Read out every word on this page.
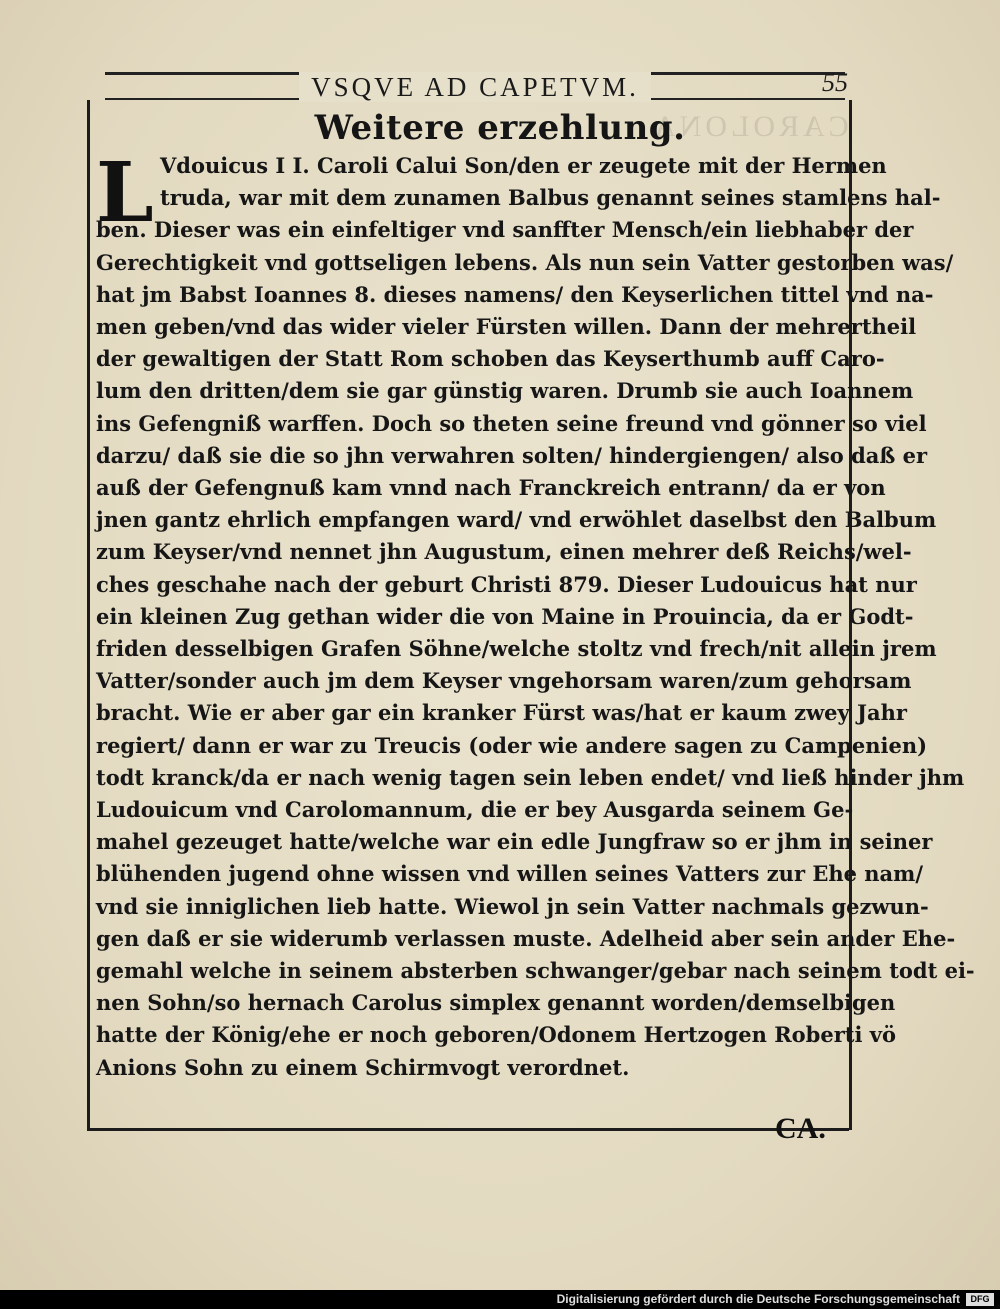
CAROLONA
VSQVE AD CAPETVM.	55
Weitere erzehlung.
L Vdouicus I I. Caroli Calui Son/den er zeugete mit der Hermen
truda, war mit dem zunamen Balbus genannt seines stamlens hal-
ben. Dieser was ein einfeltiger vnd sanffter Mensch/ein liebhaber der
Gerechtigkeit vnd gottseligen lebens. Als nun sein Vatter gestorben was/
hat jm Babst Ioannes 8. dieses namens/ den Keyserlichen tittel vnd na-
men geben/vnd das wider vieler Fürsten willen. Dann der mehrertheil
der gewaltigen der Statt Rom schoben das Keyserthumb auff Caro-
lum den dritten/dem sie gar günstig waren. Drumb sie auch Ioannem
ins Gefengniß warffen. Doch so theten seine freund vnd gönner so viel
darzu/ daß sie die so jhn verwahren solten/ hindergiengen/ also daß er
auß der Gefengnuß kam vnnd nach Franckreich entrann/ da er von
jnen gantz ehrlich empfangen ward/ vnd erwöhlet daselbst den Balbum
zum Keyser/vnd nennet jhn Augustum, einen mehrer deß Reichs/wel-
ches geschahe nach der geburt Christi 879. Dieser Ludouicus hat nur
ein kleinen Zug gethan wider die von Maine in Prouincia, da er Godt-
friden desselbigen Grafen Söhne/welche stoltz vnd frech/nit allein jrem
Vatter/sonder auch jm dem Keyser vngehorsam waren/zum gehorsam
bracht. Wie er aber gar ein kranker Fürst was/hat er kaum zwey Jahr
regiert/ dann er war zu Treucis (oder wie andere sagen zu Campenien)
todt kranck/da er nach wenig tagen sein leben endet/ vnd ließ hinder jhm
Ludouicum vnd Carolomannum, die er bey Ausgarda seinem Ge-
mahel gezeuget hatte/welche war ein edle Jungfraw so er jhm in seiner
blühenden jugend ohne wissen vnd willen seines Vatters zur Ehe nam/
vnd sie inniglichen lieb hatte. Wiewol jn sein Vatter nachmals gezwun-
gen daß er sie widerumb verlassen muste. Adelheid aber sein ander Ehe-
gemahl welche in seinem absterben schwanger/gebar nach seinem todt ei-
nen Sohn/so hernach Carolus simplex genannt worden/demselbigen
hatte der König/ehe er noch geboren/Odonem Hertzogen Roberti vö
Anions Sohn zu einem Schirmvogt verordnet.
CA.
Digitalisierung gefördert durch die Deutsche Forschungsgemeinschaft	DFG
